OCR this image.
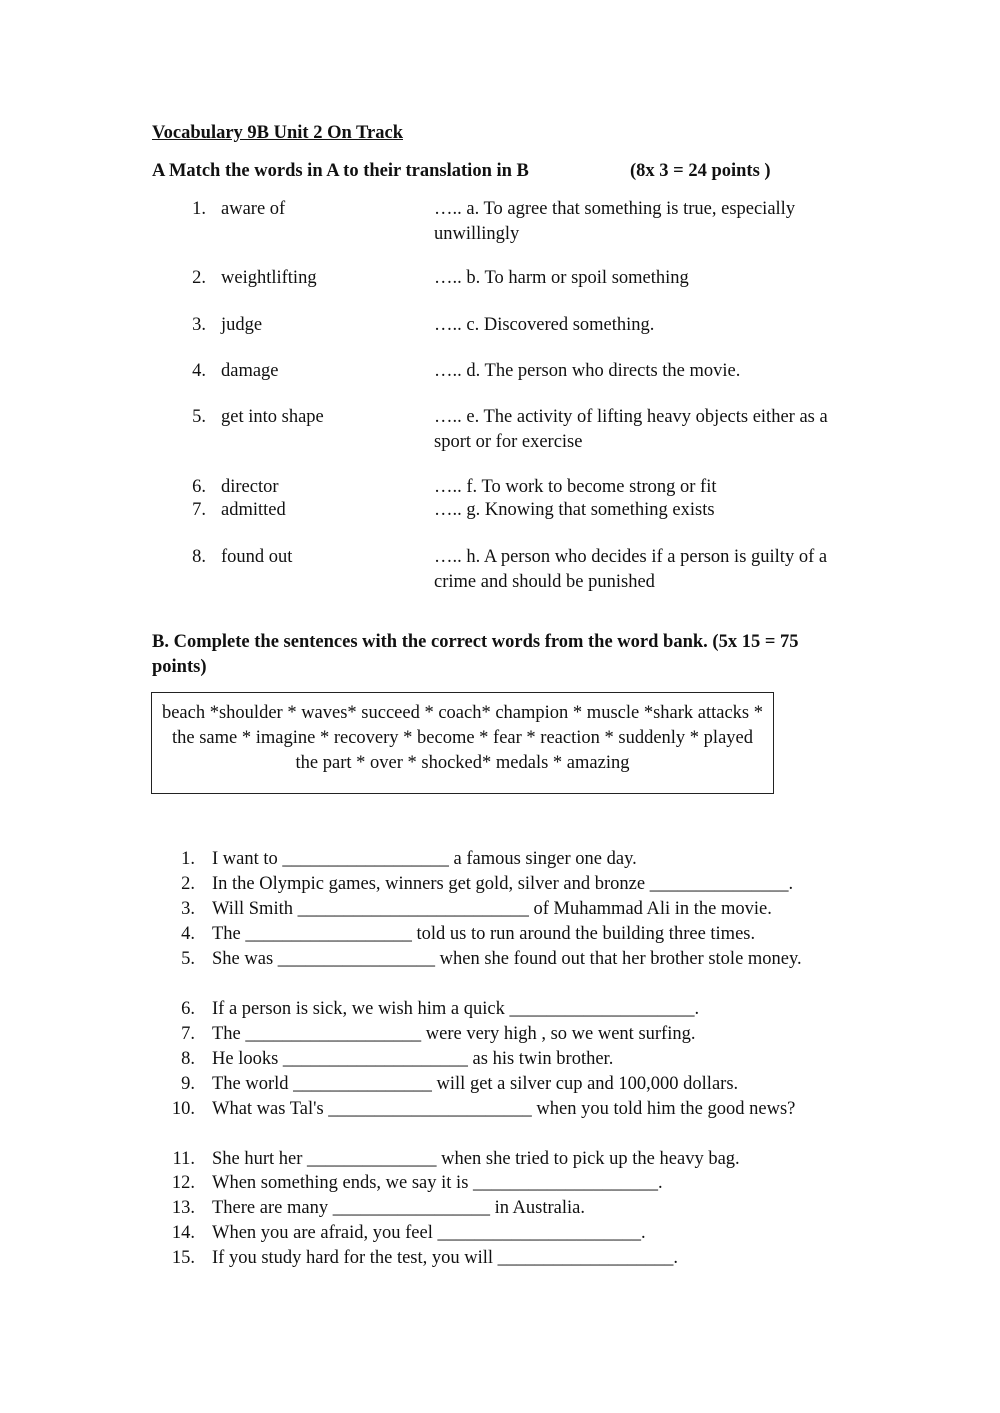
Vocabulary 9B Unit 2 On Track
A Match the words in A to their translation in B	(8x 3 = 24 points )
1. aware of	….. a. To agree that something is true, especially unwillingly
2. weightlifting	….. b. To harm or spoil something
3. judge	….. c. Discovered something.
4. damage	….. d. The person who directs the movie.
5. get into shape	….. e. The activity of lifting heavy objects either as a sport or for exercise
6. director	….. f. To work to become strong or fit
7. admitted	….. g. Knowing that something exists
8. found out	….. h. A person who decides if a person is guilty of a crime and should be punished
B. Complete the sentences with the correct words from the word bank. (5x 15 = 75 points)

beach *shoulder * waves* succeed * coach* champion * muscle *shark attacks * the same * imagine * recovery * become * fear * reaction * suddenly * played the part * over * shocked* medals * amazing

1. I want to __________________ a famous singer one day.
2. In the Olympic games, winners get gold, silver and bronze _______________.
3. Will Smith _________________________ of Muhammad Ali in the movie.
4. The __________________ told us to run around the building three times.
5. She was _________________ when she found out that her brother stole money.
6. If a person is sick, we wish him a quick ____________________.
7. The ___________________ were very high , so we went surfing.
8. He looks ____________________ as his twin brother.
9. The world _______________ will get a silver cup and 100,000 dollars.
10. What was Tal's ______________________ when you told him the good news?
11. She hurt her ______________ when she tried to pick up the heavy bag.
12. When something ends, we say it is ____________________.
13. There are many _________________ in Australia.
14. When you are afraid, you feel ______________________.
15. If you study hard for the test, you will ___________________.
